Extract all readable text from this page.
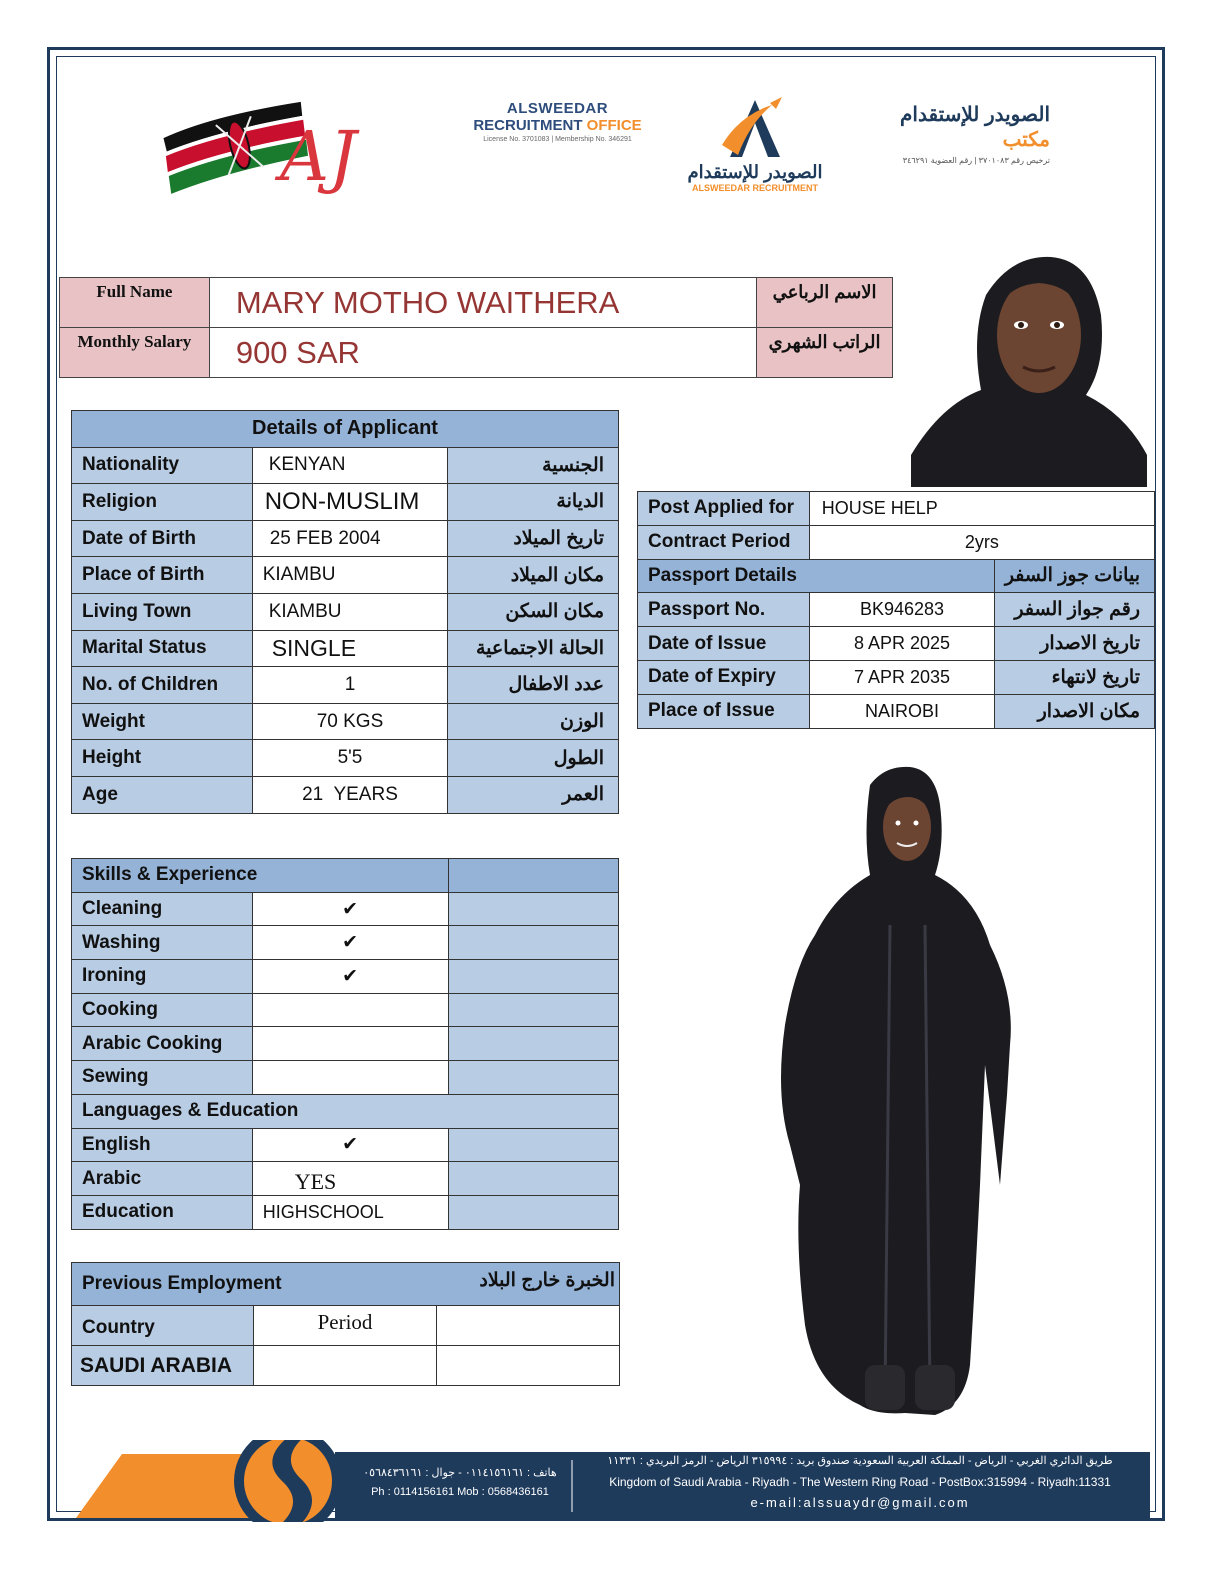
AJ
ALSWEEDAR
RECRUITMENT OFFICE
License No. 3701083 | Membership No. 346291
الصويدر للإستقدام
ALSWEEDAR RECRUITMENT
الصويدر للإستقدام مكتب
ترخيص رقم ٣٧٠١٠٨٣ | رقم العضوية ٣٤٦٢٩١
Full Name	MARY MOTHO WAITHERA	الاسم الرباعي
Monthly Salary	900 SAR	الراتب الشهري
Details of Applicant		
Nationality	KENYAN	الجنسية
Religion	NON-MUSLIM	الديانة
Date of Birth	25 FEB 2004	تاريخ الميلاد
Place of Birth	KIAMBU	مكان الميلاد
Living Town	KIAMBU	مكان السكن
Marital Status	SINGLE	الحالة الاجتماعية
No. of Children	1	عدد الاطفال
Weight	70 KGS	الوزن
Height	5'5	الطول
Age	21  YEARS	العمر
Post Applied for	HOUSE HELP	
Contract Period	2yrs	
Passport Details		بيانات جوز السفر
Passport No.	BK946283	رقم جواز السفر
Date of Issue	8 APR 2025	تاريخ الاصدار
Date of Expiry	7 APR 2035	تاريخ لانتهاء
Place of Issue	NAIROBI	مكان الاصدار
Skills & Experience		
Cleaning	✔	
Washing	✔	
Ironing	✔	
Cooking		
Arabic Cooking		
Sewing		
Languages & Education		
English	✔	
Arabic	YES	
Education	HIGHSCHOOL	
Previous Employment الخبرة خارج البلاد		

Country	Period	
SAUDI ARABIA		
هاتف : ٠١١٤١٥٦١٦١ - جوال : ٠٥٦٨٤٣٦١٦١
Ph : 0114156161 Mob : 0568436161
طريق الدائري الغربي - الرياض - المملكة العربية السعودية صندوق بريد : ٣١٥٩٩٤ الرياض - الرمز البريدي : ١١٣٣١
Kingdom of Saudi Arabia - Riyadh - The Western Ring Road - PostBox:315994 - Riyadh:11331
e-mail:alssuaydr@gmail.com
